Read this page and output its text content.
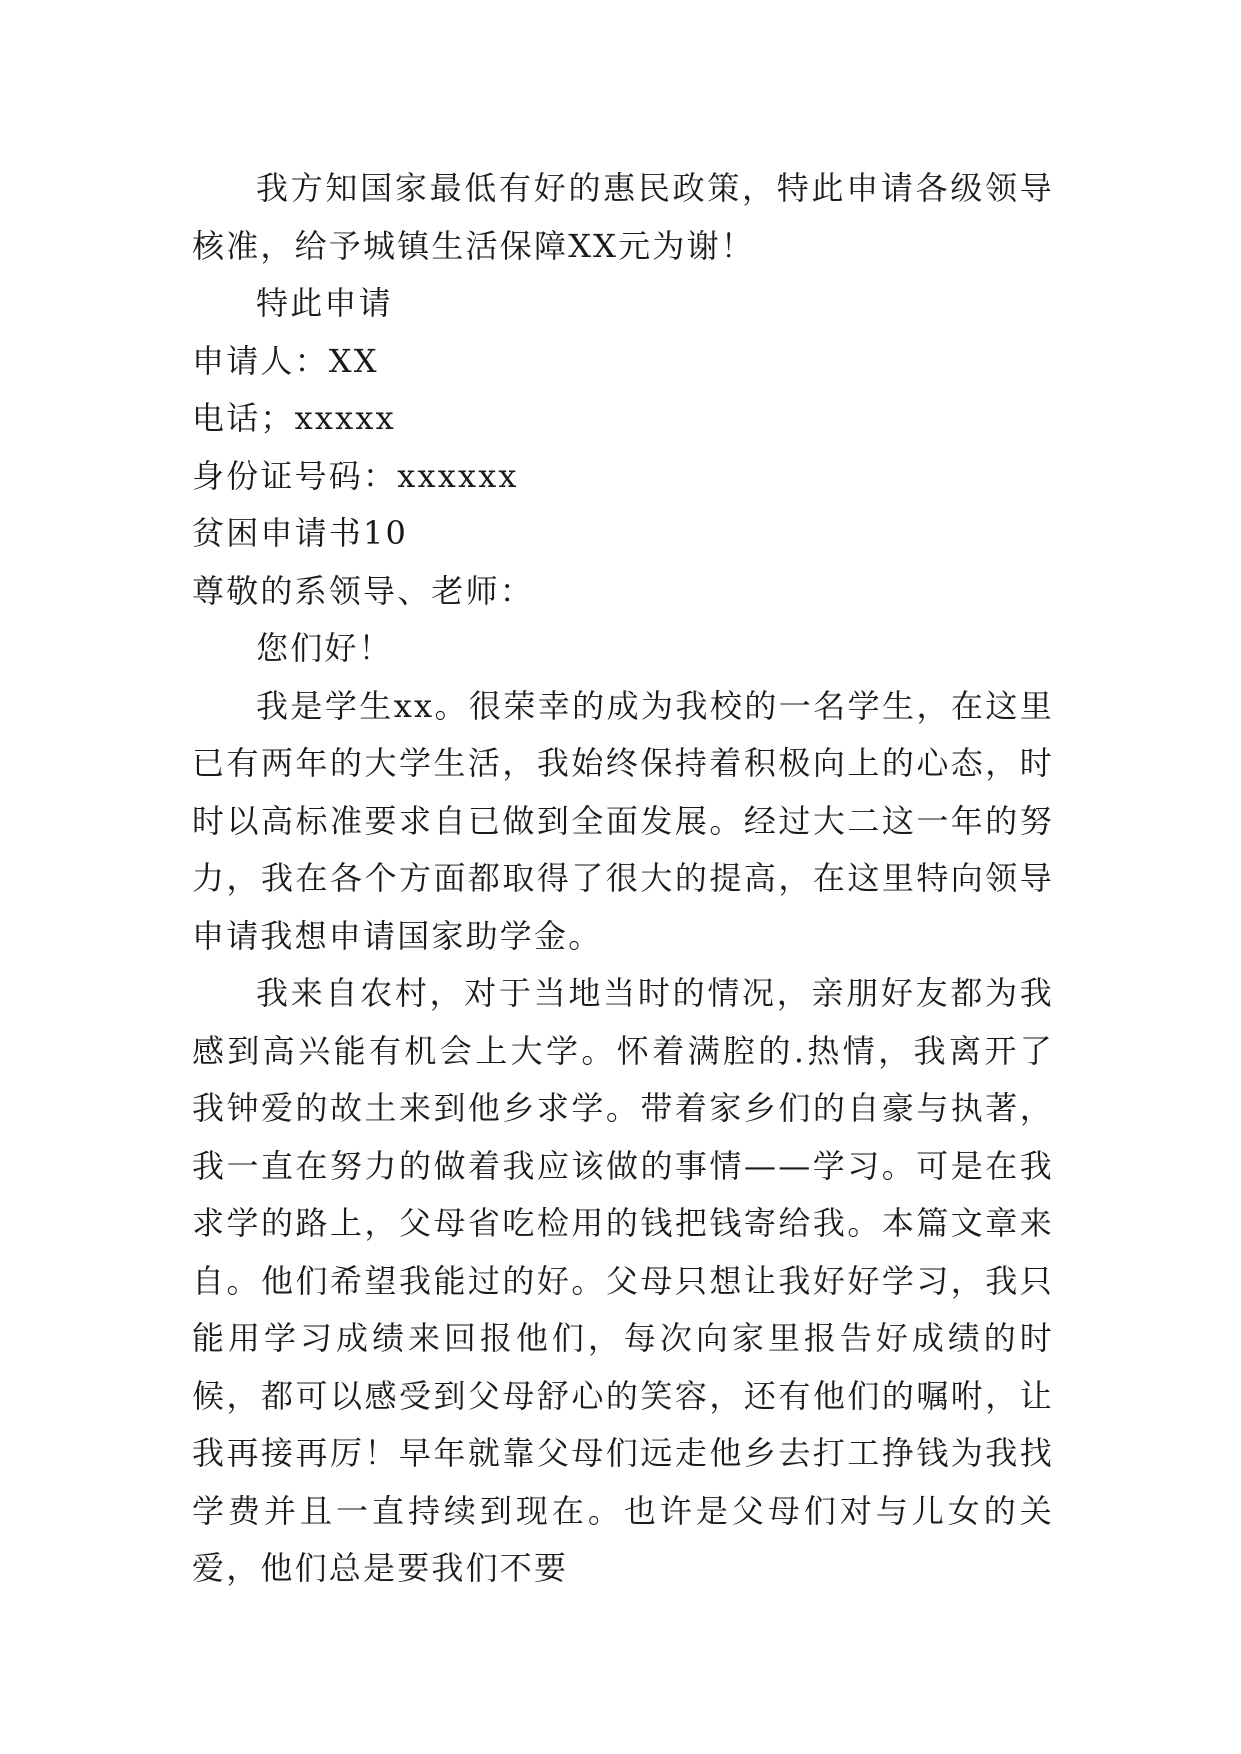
我方知国家最低有好的惠民政策，特此申请各级领导核准，给予城镇生活保障XX元为谢！

特此申请

申请人：XX

电话；xxxxx

身份证号码：xxxxxx

贫困申请书10

尊敬的系领导、老师：

您们好！

我是学生xx。很荣幸的成为我校的一名学生，在这里已有两年的大学生活，我始终保持着积极向上的心态，时时以高标准要求自已做到全面发展。经过大二这一年的努力，我在各个方面都取得了很大的提高，在这里特向领导申请我想申请国家助学金。

我来自农村，对于当地当时的情况，亲朋好友都为我感到高兴能有机会上大学。怀着满腔的.热情，我离开了我钟爱的故土来到他乡求学。带着家乡们的自豪与执著，我一直在努力的做着我应该做的事情——学习。可是在我求学的路上，父母省吃检用的钱把钱寄给我。本篇文章来自。他们希望我能过的好。父母只想让我好好学习，我只能用学习成绩来回报他们，每次向家里报告好成绩的时候，都可以感受到父母舒心的笑容，还有他们的嘱咐，让我再接再厉！早年就靠父母们远走他乡去打工挣钱为我找学费并且一直持续到现在。也许是父母们对与儿女的关爱，他们总是要我们不要
